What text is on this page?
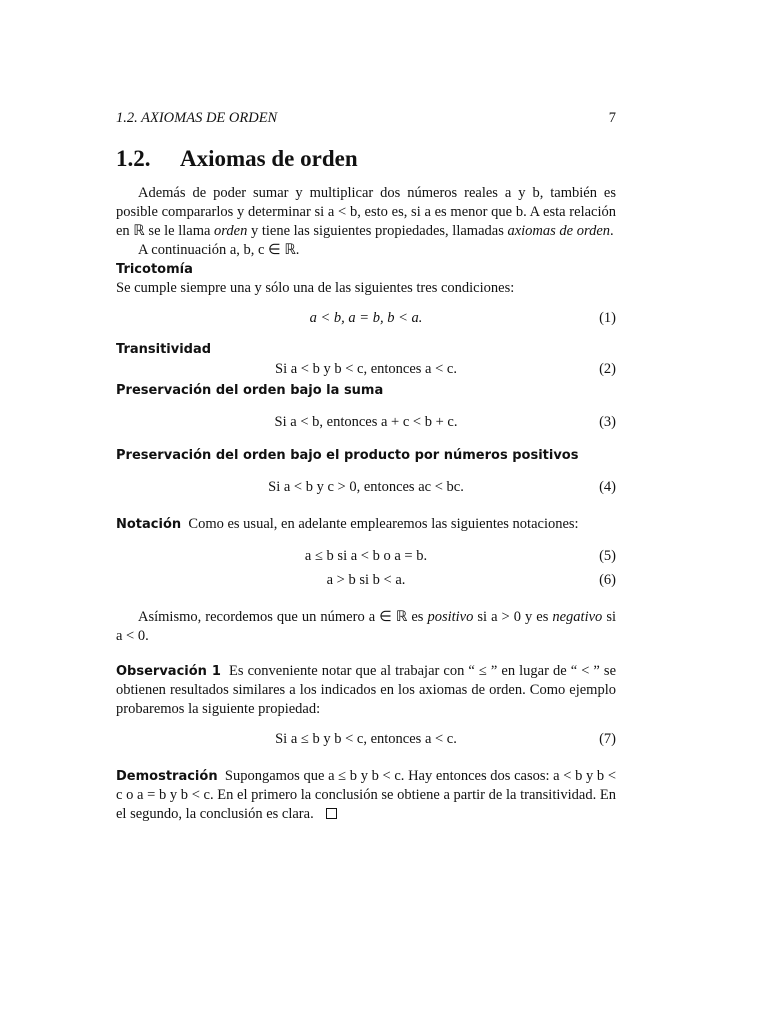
1.2. AXIOMAS DE ORDEN	7
1.2. Axiomas de orden

Además de poder sumar y multiplicar dos números reales a y b, también es posible compararlos y determinar si a < b, esto es, si a es menor que b. A esta relación en ℝ se le llama orden y tiene las siguientes propiedades, llamadas axiomas de orden.

A continuación a, b, c ∈ ℝ.

Tricotomía

Se cumple siempre una y sólo una de las siguientes tres condiciones:

a < b, a = b, b < a.	(1)
Transitividad
Si a < b y b < c, entonces a < c.	(2)
Preservación del orden bajo la suma
Si a < b, entonces a + c < b + c.	(3)
Preservación del orden bajo el producto por números positivos
Si a < b y c > 0, entonces ac < bc.	(4)

Notación Como es usual, en adelante emplearemos las siguientes notaciones:

a ≤ b si a < b o a = b.	(5)
a > b si b < a.	(6)

Asímismo, recordemos que un número a ∈ ℝ es positivo si a > 0 y es negativo si a < 0.

Observación 1 Es conveniente notar que al trabajar con “ ≤ ” en lugar de “ < ” se obtienen resultados similares a los indicados en los axiomas de orden. Como ejemplo probaremos la siguiente propiedad:

Si a ≤ b y b < c, entonces a < c.	(7)

Demostración Supongamos que a ≤ b y b < c. Hay entonces dos casos: a < b y b < c o a = b y b < c. En el primero la conclusión se obtiene a partir de la transitividad. En el segundo, la conclusión es clara.
